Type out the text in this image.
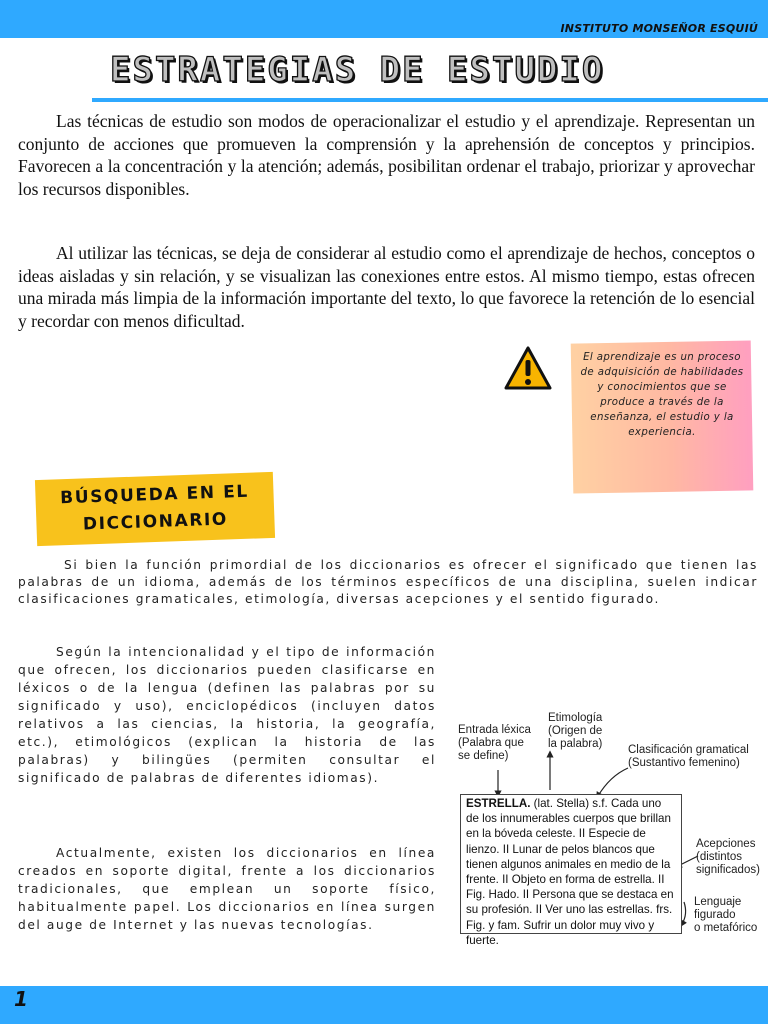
INSTITUTO MONSEÑOR ESQUIÚ
ESTRATEGIAS DE ESTUDIO

Las técnicas de estudio son modos de operacionalizar el estudio y el aprendizaje. Representan un conjunto de acciones que promueven la comprensión y la aprehensión de conceptos y principios. Favorecen a la concentración y la atención; además, posibilitan ordenar el trabajo, priorizar y aprovechar los recursos disponibles.

Al utilizar las técnicas, se deja de considerar al estudio como el aprendizaje de hechos, conceptos o ideas aisladas y sin relación, y se visualizan las conexiones entre estos. Al mismo tiempo, estas ofrecen una mirada más limpia de la información importante del texto, lo que favorece la retención de lo esencial y recordar con menos dificultad.

El aprendizaje es un proceso de adquisición de habilidades y conocimientos que se produce a través de la enseñanza, el estudio y la experiencia.

BÚSQUEDA EN EL
DICCIONARIO

Si bien la función primordial de los diccionarios es ofrecer el significado que tienen las palabras de un idioma, además de los términos específicos de una disciplina, suelen indicar clasificaciones gramaticales, etimología, diversas acepciones y el sentido figurado.

Según la intencionalidad y el tipo de información que ofrecen, los diccionarios pueden clasificarse en léxicos o de la lengua (definen las palabras por su significado y uso), enciclopédicos (incluyen datos relativos a las ciencias, la historia, la geografía, etc.), etimológicos (explican la historia de las palabras) y bilingües (permiten consultar el significado de palabras de diferentes idiomas).

Actualmente, existen los diccionarios en línea creados en soporte digital, frente a los diccionarios tradicionales, que emplean un soporte físico, habitualmente papel. Los diccionarios en línea surgen del auge de Internet y las nuevas tecnologías.

Entrada léxica
(Palabra que
se define)
Etimología
(Origen de
la palabra) Clasificación gramatical
(Sustantivo femenino)
Acepciones
(distintos
significados)
Lenguaje
figurado
o metafórico

ESTRELLA. (lat. Stella) s.f. Cada uno de los innumerables cuerpos que brillan en la bóveda celeste. II Especie de lienzo. II Lunar de pelos blancos que tienen algunos animales en medio de la frente. II Objeto en forma de estrella. II Fig. Hado. II Persona que se destaca en su profesión. II Ver uno las estrellas. frs. Fig. y fam. Sufrir un dolor muy vivo y fuerte.

1
